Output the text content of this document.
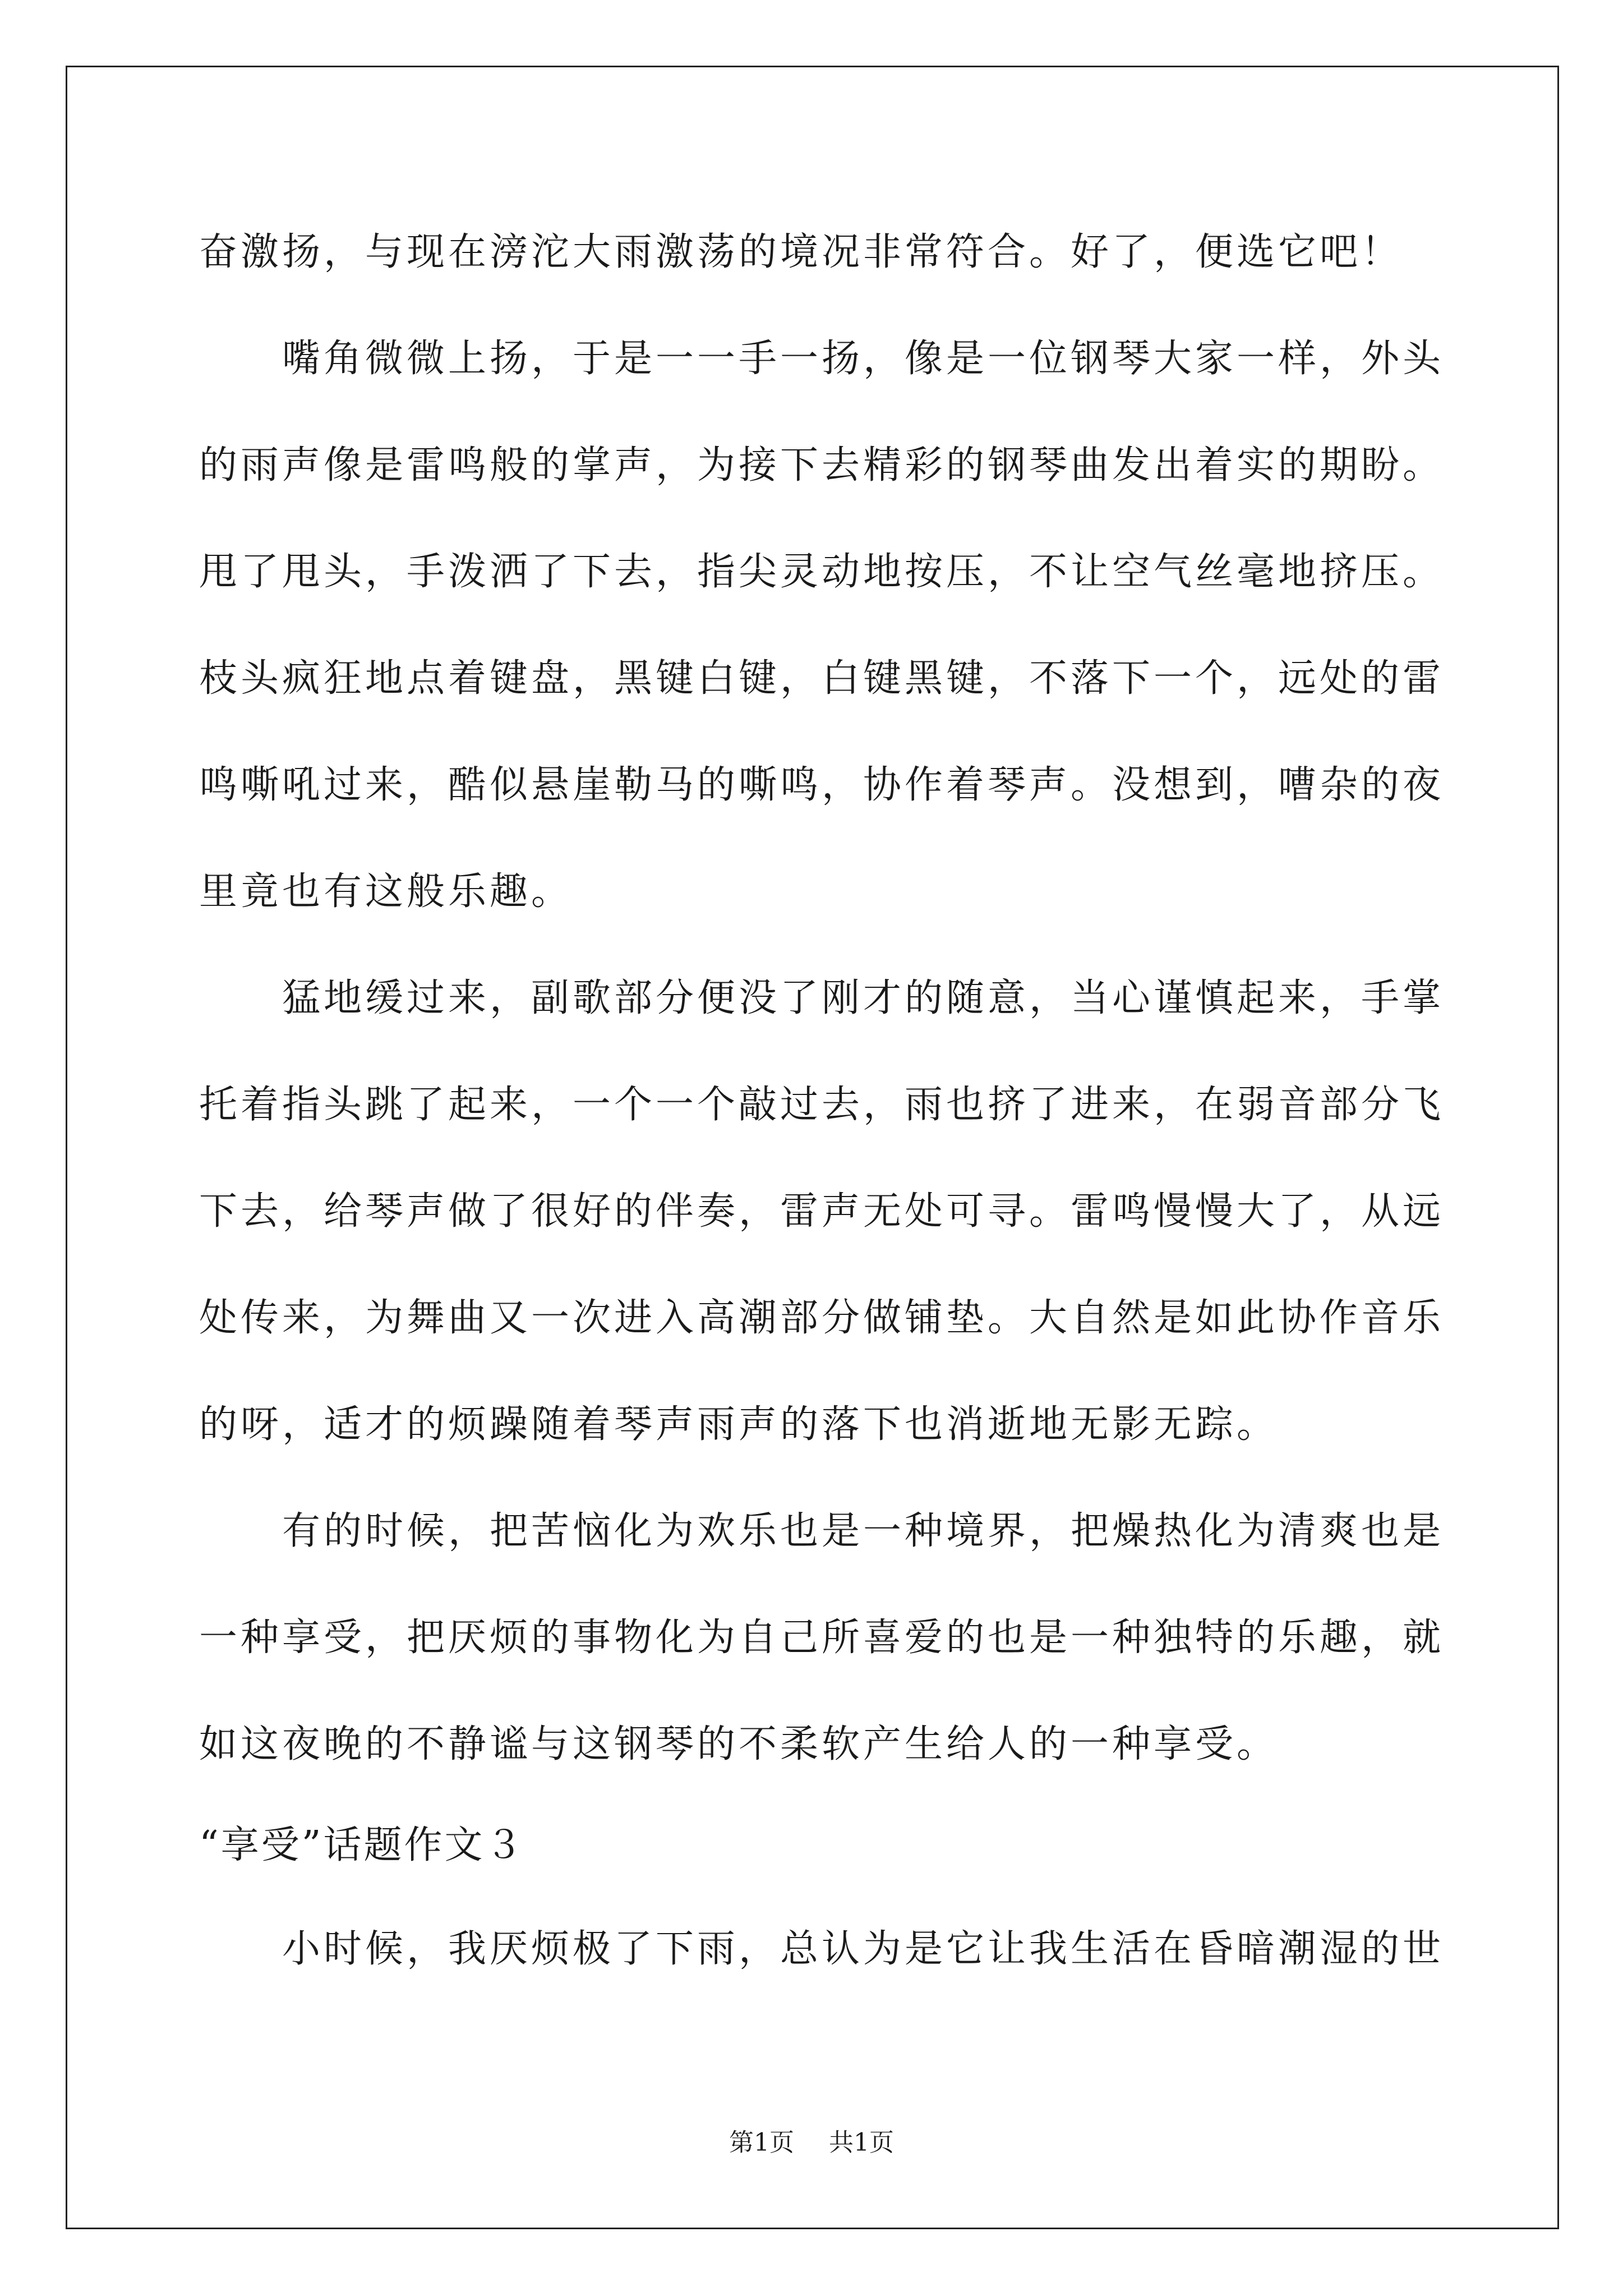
奋激扬，与现在滂沱大雨激荡的境况非常符合。好了，便选它吧！
嘴角微微上扬，于是一一手一扬，像是一位钢琴大家一样，外头
的雨声像是雷鸣般的掌声，为接下去精彩的钢琴曲发出着实的期盼。
甩了甩头，手泼洒了下去，指尖灵动地按压，不让空气丝毫地挤压。
枝头疯狂地点着键盘，黑键白键，白键黑键，不落下一个，远处的雷
鸣嘶吼过来，酷似悬崖勒马的嘶鸣，协作着琴声。没想到，嘈杂的夜
里竟也有这般乐趣。
猛地缓过来，副歌部分便没了刚才的随意，当心谨慎起来，手掌
托着指头跳了起来，一个一个敲过去，雨也挤了进来，在弱音部分飞
下去，给琴声做了很好的伴奏，雷声无处可寻。雷鸣慢慢大了，从远
处传来，为舞曲又一次进入高潮部分做铺垫。大自然是如此协作音乐
的呀，适才的烦躁随着琴声雨声的落下也消逝地无影无踪。
有的时候，把苦恼化为欢乐也是一种境界，把燥热化为清爽也是
一种享受，把厌烦的事物化为自己所喜爱的也是一种独特的乐趣，就
如这夜晚的不静谧与这钢琴的不柔软产生给人的一种享受。
“享受”话题作文３
小时候，我厌烦极了下雨，总认为是它让我生活在昏暗潮湿的世
第1页 共1页
